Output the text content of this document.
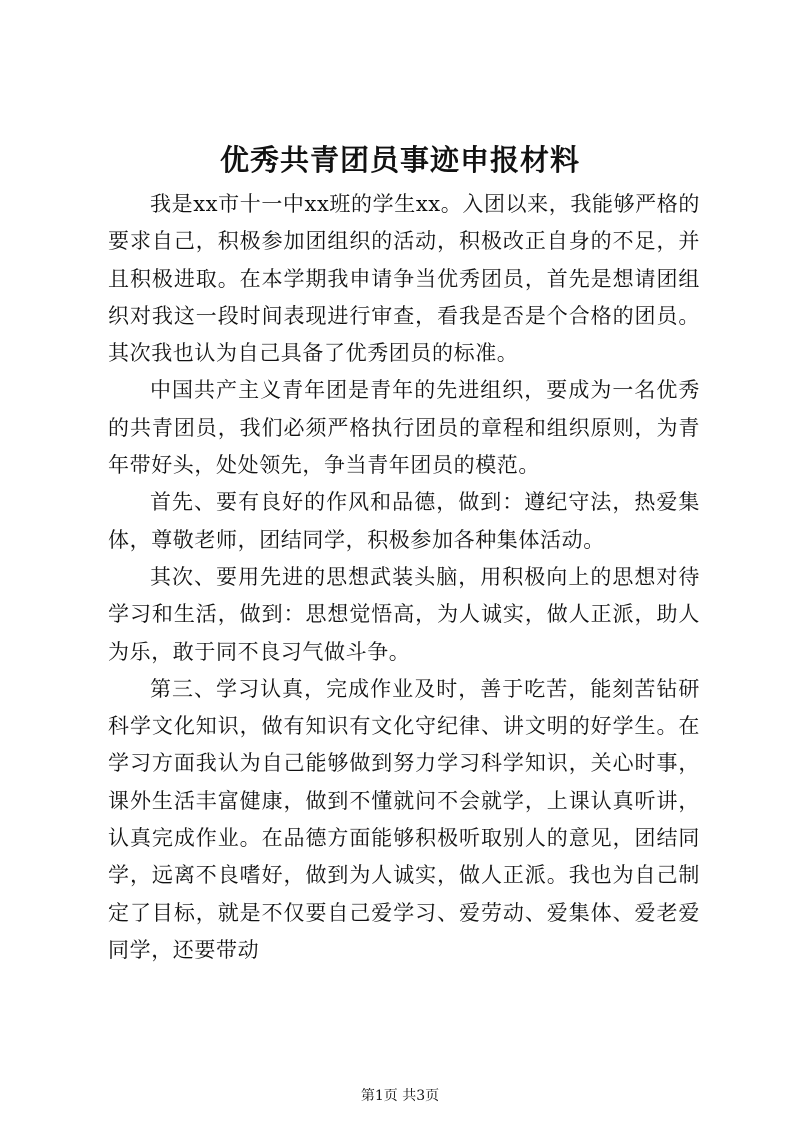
优秀共青团员事迹申报材料

我是xx市十一中xx班的学生xx。入团以来，我能够严格的要求自己，积极参加团组织的活动，积极改正自身的不足，并且积极进取。在本学期我申请争当优秀团员，首先是想请团组织对我这一段时间表现进行审查，看我是否是个合格的团员。其次我也认为自己具备了优秀团员的标准。

中国共产主义青年团是青年的先进组织，要成为一名优秀的共青团员，我们必须严格执行团员的章程和组织原则，为青年带好头，处处领先，争当青年团员的模范。

首先、要有良好的作风和品德，做到：遵纪守法，热爱集体，尊敬老师，团结同学，积极参加各种集体活动。

其次、要用先进的思想武装头脑，用积极向上的思想对待学习和生活，做到：思想觉悟高，为人诚实，做人正派，助人为乐，敢于同不良习气做斗争。

第三、学习认真，完成作业及时，善于吃苦，能刻苦钻研科学文化知识，做有知识有文化守纪律、讲文明的好学生。在学习方面我认为自己能够做到努力学习科学知识，关心时事，课外生活丰富健康，做到不懂就问不会就学，上课认真听讲，认真完成作业。在品德方面能够积极听取别人的意见，团结同学，远离不良嗜好，做到为人诚实，做人正派。我也为自己制定了目标，就是不仅要自己爱学习、爱劳动、爱集体、爱老爱同学，还要带动

第1页 共3页
